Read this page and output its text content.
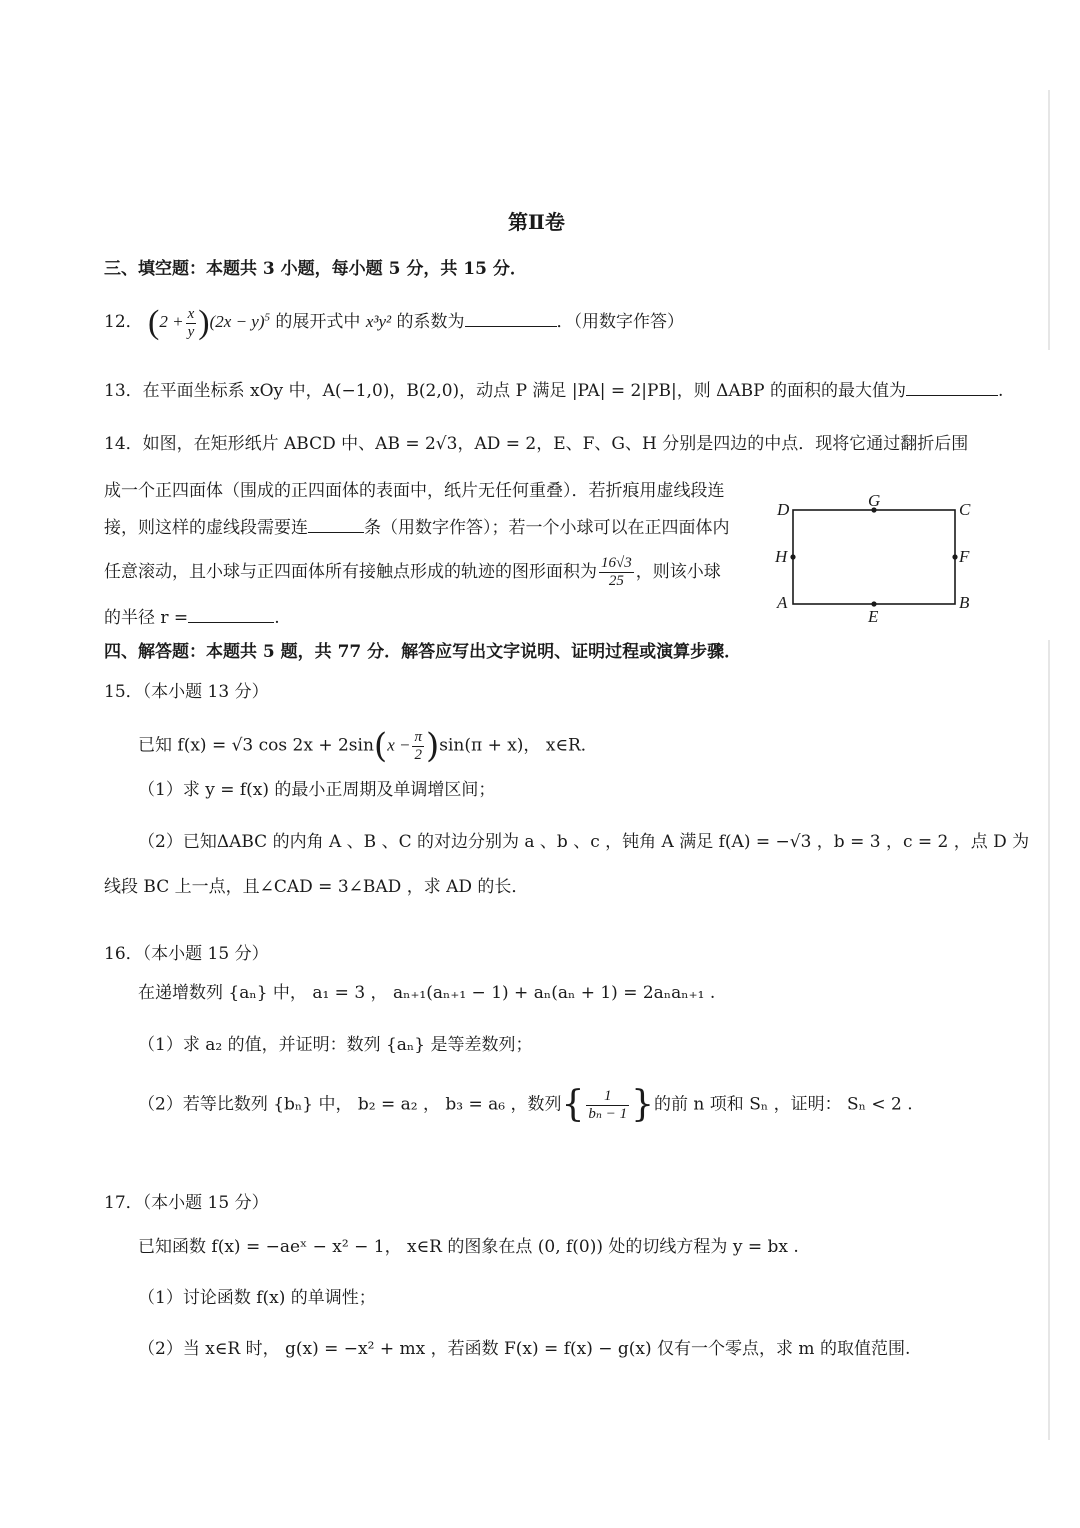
第Ⅱ卷
三、填空题：本题共 3 小题，每小题 5 分，共 15 分．
12． $(2 + \frac{x}{y} )(2x - y)^5$ 的展开式中 x³y² 的系数为	．（用数字作答）
13．在平面坐标系 xOy 中，A(−1,0)，B(2,0)，动点 P 满足 |PA| = 2|PB|，则 ΔABP 的面积的最大值为	.
14．如图，在矩形纸片 ABCD 中、AB = 2√3，AD = 2，E、F、G、H 分别是四边的中点．现将它通过翻折后围
成一个正四面体（围成的正四面体的表面中，纸片无任何重叠）．若折痕用虚线段连
接，则这样的虚线段需要连	条（用数字作答）；若一个小球可以在正四面体内
任意滚动，且小球与正四面体所有接触点形成的轨迹的图形面积为 $\frac{16√3}{25}$ ，则该小球
的半径 r =	.
D	G	C
H	F
A
E
B
四、解答题：本题共 5 题，共 77 分．解答应写出文字说明、证明过程或演算步骤．
15．（本小题 13 分）
已知 f(x) = √3 $\cos 2x + 2\sin(x - \frac{\pi}{2} )\sin(\pi + x)$， x∈R．
（1）求 y = f(x) 的最小正周期及单调增区间；
（2）已知ΔABC 的内角 A 、B 、C 的对边分别为 a 、b 、c ，钝角 A 满足 f(A) = −√3 ，b = 3 ，c = 2 ，点 D 为
线段 BC 上一点，且∠CAD = 3∠BAD ，求 AD 的长．
16．（本小题 15 分）
在递增数列 {aₙ} 中， a₁ = 3 ， aₙ₊₁(aₙ₊₁ − 1) + aₙ(aₙ + 1) = 2aₙaₙ₊₁ .
（1）求 a₂ 的值，并证明：数列 {aₙ} 是等差数列；
（2）若等比数列 {bₙ} 中， b₂ = a₂ ， b₃ = a₆ ，数列{ $\frac{1}{\text{bₙ − 1}}$ }的前 n 项和 Sₙ ，证明： Sₙ < 2 .
17．（本小题 15 分）
已知函数 f(x) = −aeˣ − x² − 1， x∈R 的图象在点 (0, f(0)) 处的切线方程为 y = bx .
（1）讨论函数 f(x) 的单调性；
（2）当 x∈R 时， g(x) = −x² + mx ，若函数 F(x) = f(x) − g(x) 仅有一个零点，求 m 的取值范围.
